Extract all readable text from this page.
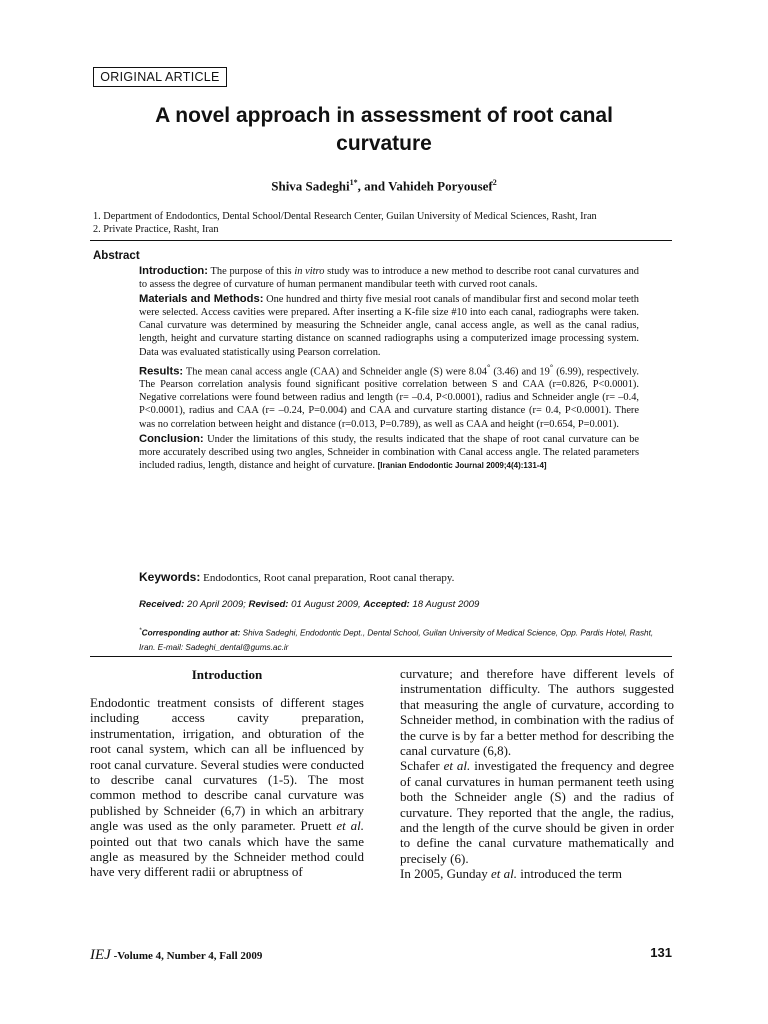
ORIGINAL ARTICLE
A novel approach in assessment of root canal curvature
Shiva Sadeghi$^{1*}$, and Vahideh Poryousef$^2$
1. Department of Endodontics, Dental School/Dental Research Center, Guilan University of Medical Sciences, Rasht, Iran
2. Private Practice, Rasht, Iran
Abstract

Introduction: The purpose of this in vitro study was to introduce a new method to describe root canal curvatures and to assess the degree of curvature of human permanent mandibular teeth with curved root canals.

Materials and Methods: One hundred and thirty five mesial root canals of mandibular first and second molar teeth were selected. Access cavities were prepared. After inserting a K-file size #10 into each canal, radiographs were taken. Canal curvature was determined by measuring the Schneider angle, canal access angle, as well as the canal radius, length, height and curvature starting distance on scanned radiographs using a computerized image processing system. Data was evaluated statistically using Pearson correlation.

Results: The mean canal access angle (CAA) and Schneider angle (S) were 8.04° (3.46) and 19° (6.99), respectively. The Pearson correlation analysis found significant positive correlation between S and CAA (r=0.826, P<0.0001). Negative correlations were found between radius and length (r= –0.4, P<0.0001), radius and Schneider angle (r= –0.4, P<0.0001), radius and CAA (r= –0.24, P=0.004) and CAA and curvature starting distance (r= 0.4, P<0.0001). There was no correlation between height and distance (r=0.013, P=0.789), as well as CAA and height (r=0.654, P=0.001).

Conclusion: Under the limitations of this study, the results indicated that the shape of root canal curvature can be more accurately described using two angles, Schneider in combination with Canal access angle. The related parameters included radius, length, distance and height of curvature. [Iranian Endodontic Journal 2009;4(4):131-4]

Keywords: Endodontics, Root canal preparation, Root canal therapy.
Received: 20 April 2009; Revised: 01 August 2009, Accepted: 18 August 2009
*Corresponding author at: Shiva Sadeghi, Endodontic Dept., Dental School, Guilan University of Medical Science, Opp. Pardis Hotel, Rasht, Iran. E-mail: Sadeghi_dental@gums.ac.ir
Introduction

Endodontic treatment consists of different stages including access cavity preparation, instrumentation, irrigation, and obturation of the root canal system, which can all be influenced by root canal curvature. Several studies were conducted to describe canal curvatures (1-5). The most common method to describe canal curvature was published by Schneider (6,7) in which an arbitrary angle was used as the only parameter. Pruett et al. pointed out that two canals which have the same angle as measured by the Schneider method could have very different radii or abruptness of

curvature; and therefore have different levels of instrumentation difficulty. The authors suggested that measuring the angle of curvature, according to Schneider method, in combination with the radius of the curve is by far a better method for describing the canal curvature (6,8).

Schafer et al. investigated the frequency and degree of canal curvatures in human permanent teeth using both the Schneider angle (S) and the radius of curvature. They reported that the angle, the radius, and the length of the curve should be given in order to define the canal curvature mathematically and precisely (6).

In 2005, Gunday et al. introduced the term

IEJ -Volume 4, Number 4, Fall 2009	131
